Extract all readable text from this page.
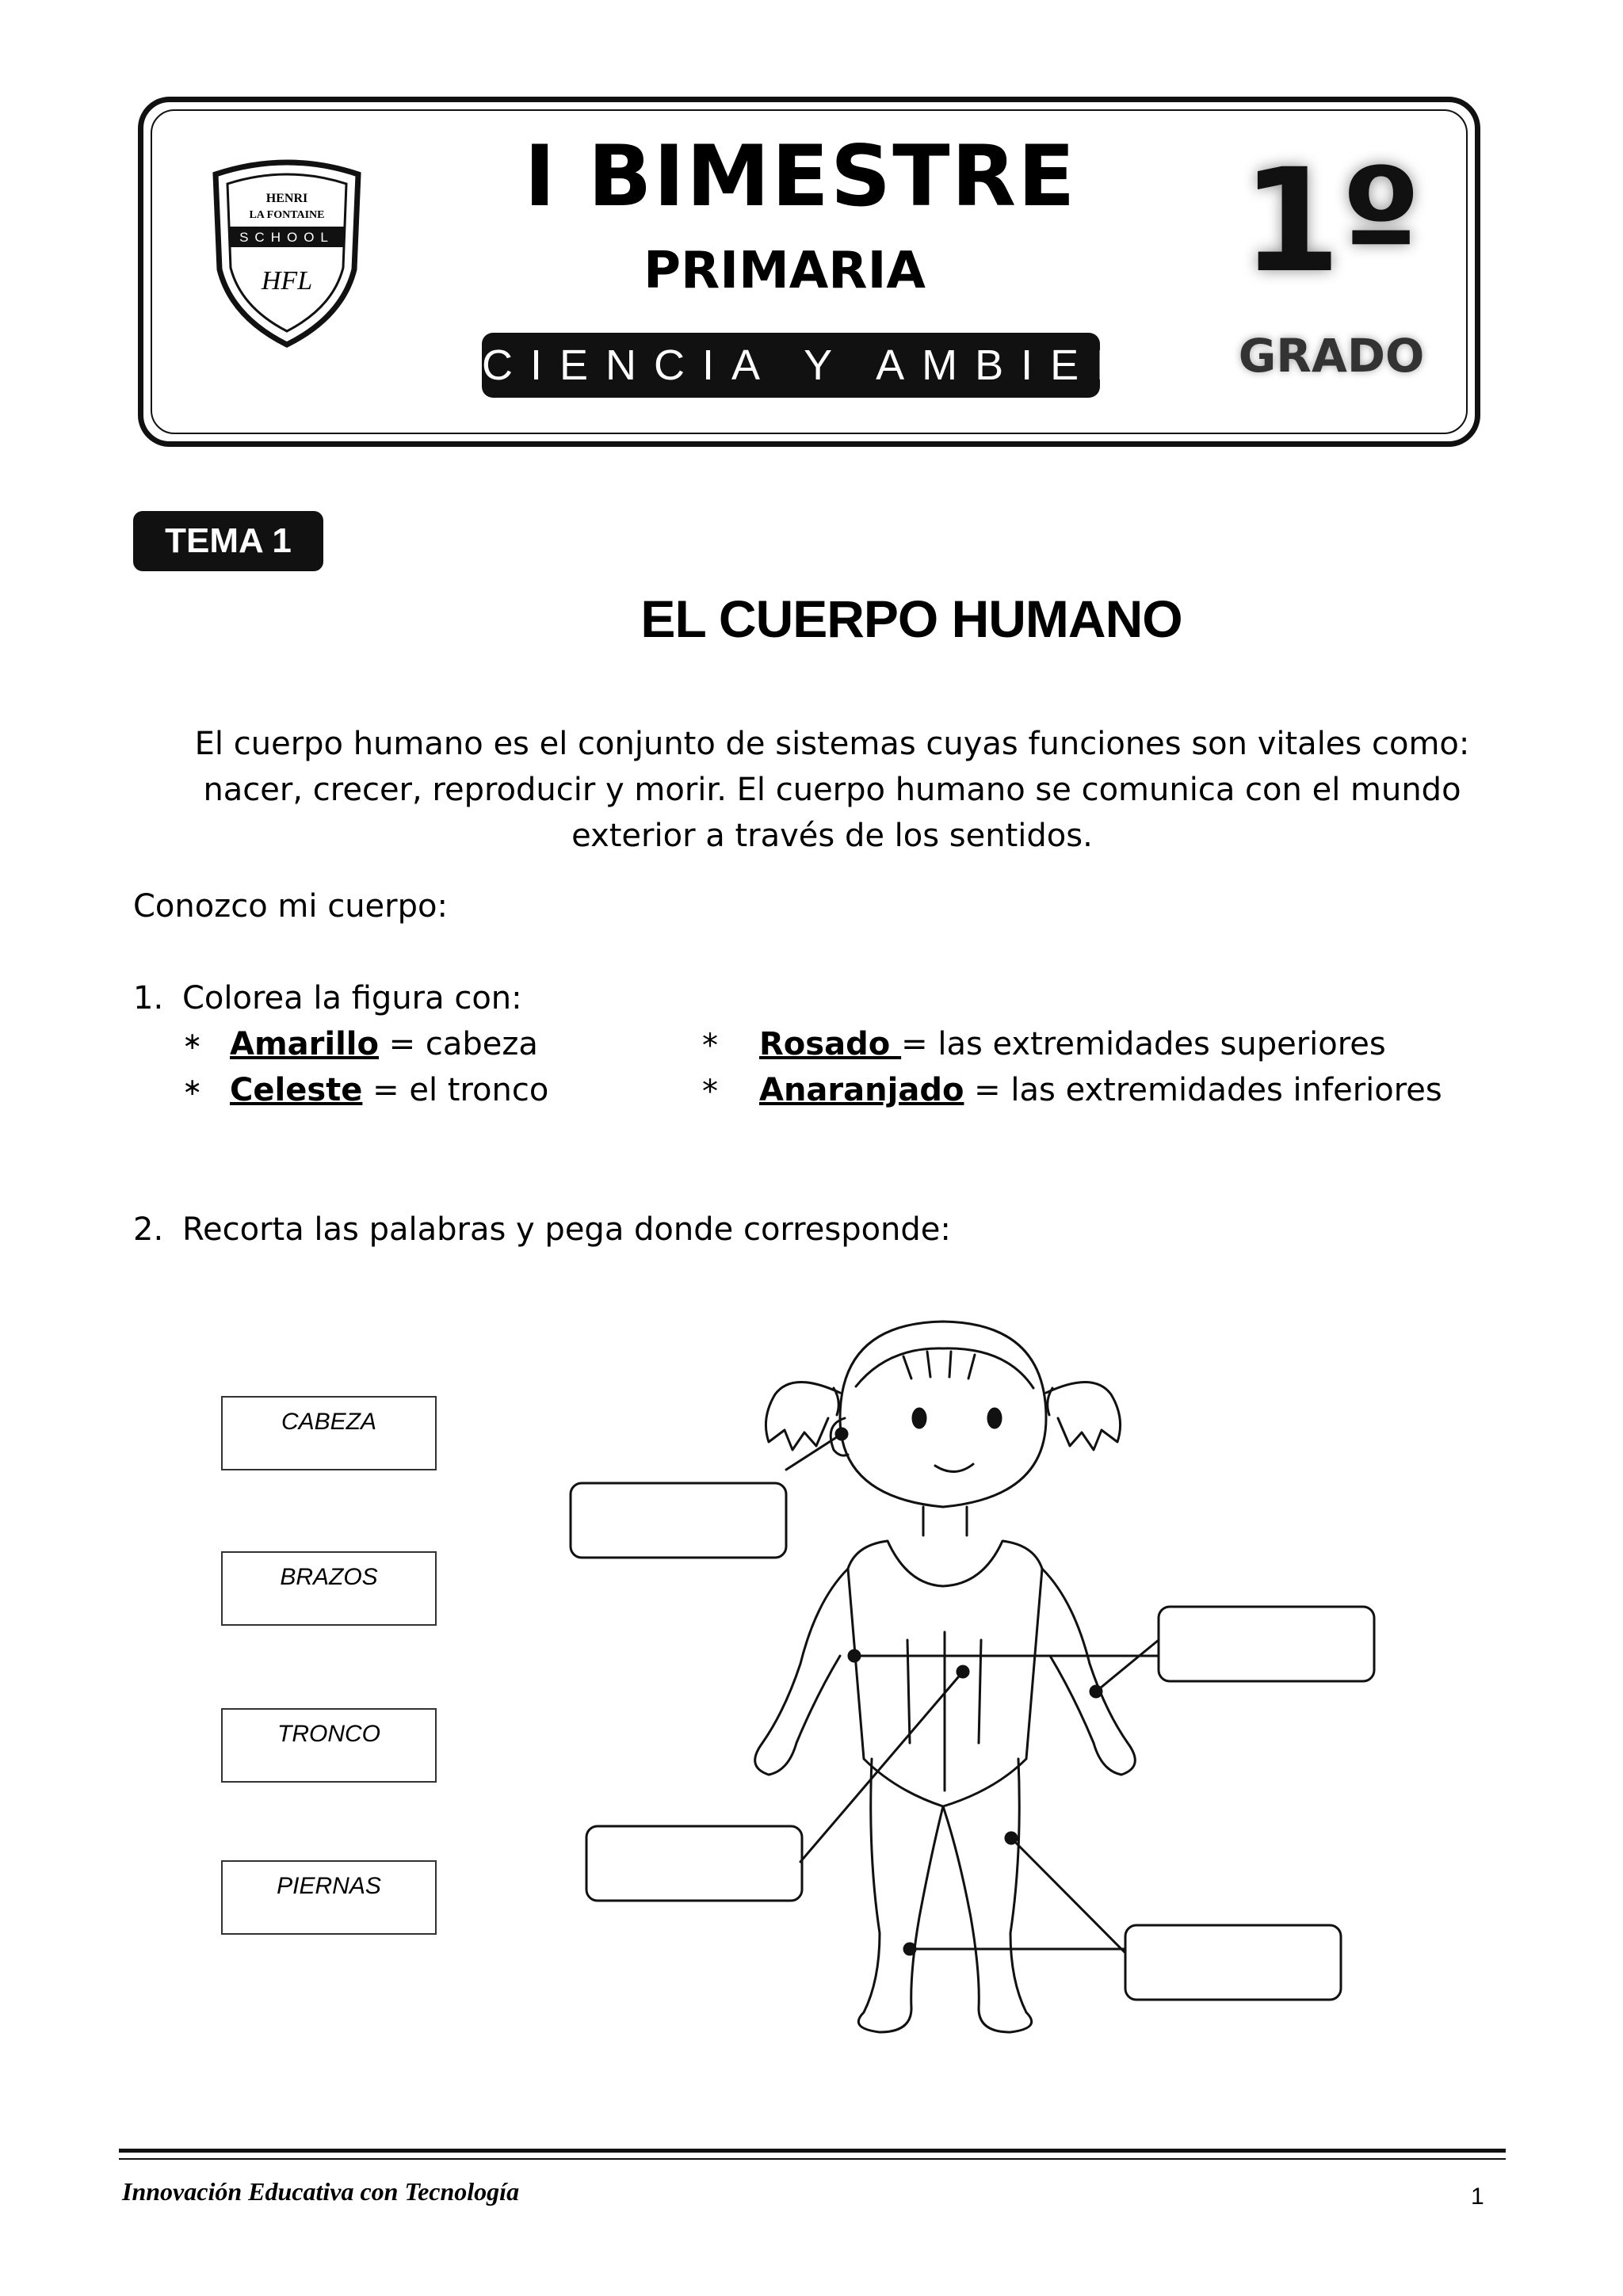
HENRI
LA FONTAINE
SCHOOL
HFL
I BIMESTRE
PRIMARIA
CIENCIA Y AMBIENTE
1º
GRADO
TEMA 1
EL CUERPO HUMANO
El cuerpo humano es el conjunto de sistemas cuyas funciones son vitales como: nacer, crecer, reproducir y morir. El cuerpo humano se comunica con el mundo exterior a través de los sentidos.
Conozco mi cuerpo:
1. Colorea la figura con:
∗ Amarillo = cabeza
∗ Celeste = el tronco
* Rosado = las extremidades superiores
* Anaranjado = las extremidades inferiores
2. Recorta las palabras y pega donde corresponde:
CABEZA
BRAZOS
TRONCO
PIERNAS
Innovación Educativa con Tecnología	1
